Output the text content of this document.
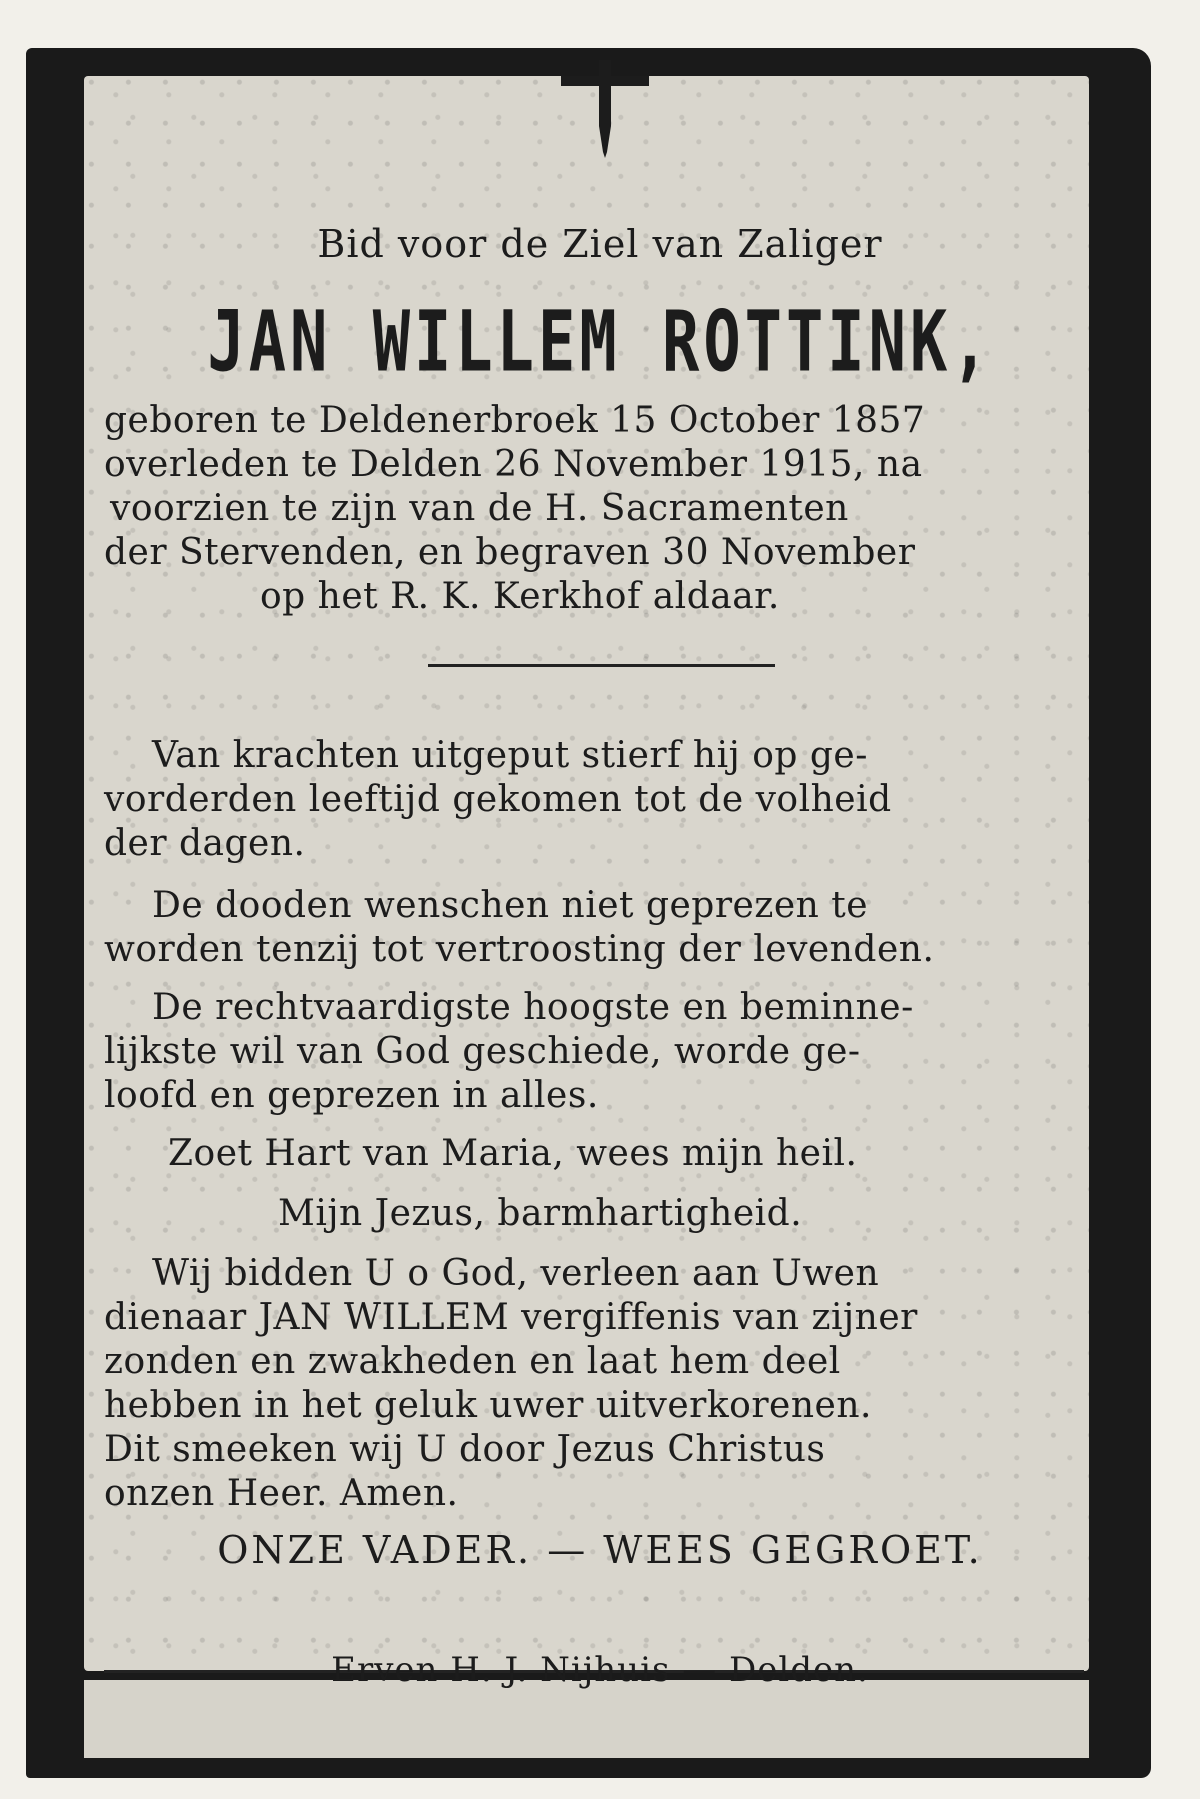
Bid voor de Ziel van Zaliger
JAN WILLEM ROTTINK,
geboren te Deldenerbroek 15 October 1857
overleden te Delden 26 November 1915, na
voorzien te zijn van de H. Sacramenten
der Stervenden, en begraven 30 November
op het R. K. Kerkhof aldaar.
Van krachten uitgeput stierf hij op ge-
vorderden leeftijd gekomen tot de volheid
der dagen.
De dooden wenschen niet geprezen te
worden tenzij tot vertroosting der levenden.
De rechtvaardigste hoogste en beminne-
lijkste wil van God geschiede, worde ge-
loofd en geprezen in alles.
Zoet Hart van Maria, wees mijn heil.
Mijn Jezus, barmhartigheid.
Wij bidden U o God, verleen aan Uwen
dienaar JAN WILLEM vergiffenis van zijner
zonden en zwakheden en laat hem deel
hebben in het geluk uwer uitverkorenen.
Dit smeeken wij U door Jezus Christus
onzen Heer. Amen.
ONZE VADER. — WEES GEGROET.
Erven H. J. Nijhuis — Delden.
